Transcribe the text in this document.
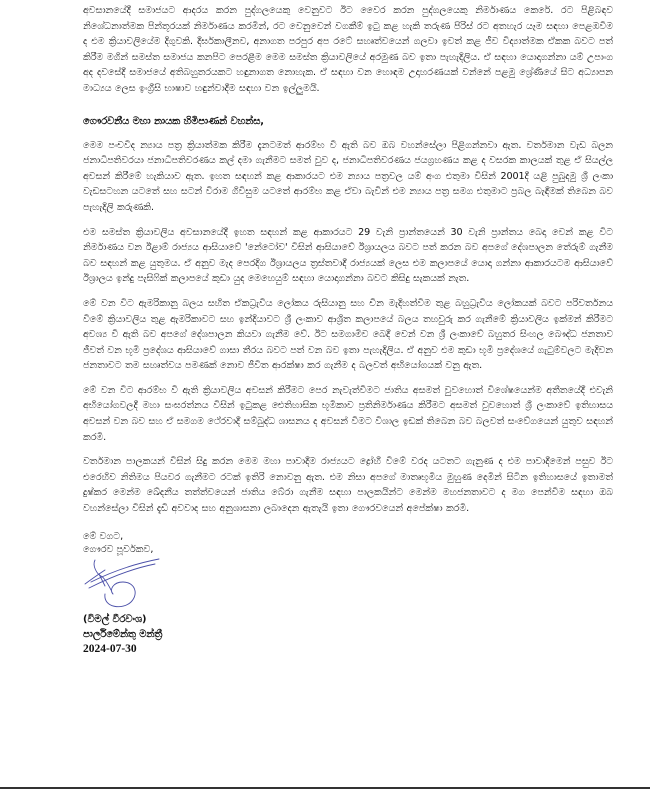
අවසානයේදී සමාජයට ආදරය කරන පුද්ගලයෙකු වෙනුවට ඊට වෛර කරන පුද්ගලයෙකු නිර්මාණය කෙරේ. රට පිළිබඳව නිශේධනාත්මක පින්තූරයක් නිර්මාණය කරමින්, රට වෙනුවෙන් වගකීම් ඉටු කළ හැකි තරුණ පිරිස් රට අතහැර යෑම සඳහා පෙළඹවීම ද එම ක්‍රියාවලියේම දිගුවකි. දීර්ඝකාලීනව, අනාගත පරපුර අප රටේ සහෘත්වයෙන් ගලවා ඉවත් කළ ජීව විද්‍යාත්මක ඒකක බවට පත් කිරීම මගින් සමස්ත සමාජය කනපිට පෙරළීම මෙම සමස්ත ක්‍රියාවලියේ අරමුණ බව ඉතා පැහැදිලිය. ඒ සඳහා යොදාගන්නා යම් උපාංග අද දවසේදී සමාජයේ අතිබහුතරයකට හඳුනාගත නොහැක. ඒ සඳහා වන හොඳම උදාහරණයක් වන්නේ පළමු ශ්‍රේණියේ සිට අධ්‍යාපන මාධ්‍යය ලෙස ඉංග්‍රීසි භාෂාව හඳුන්වාදීම සඳහා වන ඉල්ලුමයි.

ගෞරවනීය මහා නායක හිමිපාණන් වහන්ස,

මෙම පංචවිද න්‍යාය පත්‍ර ක්‍රියාත්මක කිරීම දැනටමත් ආරම්භ වී ඇති බව ඔබ වහන්සේලා පිළිගන්නවා ඇත. වර්තමාන වැඩ බලන ජනාධිපතිවරයා ජනාධිපතිවරණය කල් දමා ගැනීමට සමත් වුව ද, ජනාධිපතිවරණය ජයග්‍රහණය කළ ද වසරක කාලයක් තුළ ඒ සියල්ල අවසන් කිරීමේ හැකියාව ඇත. ඉහත සඳහන් කළ ආකාරයට එම න්‍යාය පත්‍රවල යම් අංග එතුමා විසින් 2001දී යළි පුබුදමු ශ්‍රී ලංකා වැඩසටහන යටතේ සහ සටන් විරාම ගිවිසුම යටතේ ආරම්භ කළ ඒවා බැවින් එම න්‍යාය පත්‍ර සමග එතුමාට ප්‍රබල බැඳීමක් තිබෙන බව පැහැදිලි කරුණකි.

එම සමස්ත ක්‍රියාවලිය අවසානයේදී ඉහත සඳහන් කළ ආකාරයට 29 වැනි ප්‍රාන්තයෙන් 30 වැනි ප්‍රාන්තය බෙදා වෙන් කළ විට නිර්මාණය වන ඊළාම් රාජ්‍යය ආසියාවේ 'නේටෝව' විසින් ආසියාවේ ඊශ්‍රායලය බවට පත් කරන බව අපගේ දේශපාලන තේරුම් ගැනීම බව සඳහන් කළ යුතුමය. ඒ අනුව මැද පෙරදිග ඊශ්‍රායලය ත්‍රස්තවාදී රාජ්‍යයක් ලෙස එම කලාපයේ යොදා ගන්නා ආකාරයටම ආසියාවේ ඊශ්‍රාලය ඉන්දු පැසිෆික් කලාපයේ කුඩා යුද මෙහෙයුම් සඳහා යොදාගන්නා බවට කිසිදු සැකයක් නැත.

මේ වන විට ඇමරිකානු බලය සහිත ඒකධ්‍රැවීය ලෝකය රුසියානු සහ චීන මැදිහත්වීම තුළ බහුධ්‍රැවීය ලෝකයක් බවට පරිවර්තනය වීමේ ක්‍රියාවලිය තුළ ඇමරිකාවට සහ ඉන්දියාවට ශ්‍රී ලංකාව ආශ්‍රිත කලාපයේ බලය තහවුරු කර ගැනීමේ ක්‍රියාවලිය ඉක්මන් කිරීමට අවශ්‍ය වී ඇති බව අපගේ දේශපාලන කියවා ගැනීම වේ. ඊට සමගාමීව බෙදී වෙන් වන ශ්‍රී ලංකාවේ බහුතර සිංහල බෞද්ධ ජනතාව ජීවත් වන භූමි ප්‍රදේශය ආසියාවේ ගාසා තීරය බවට පත් වන බව ඉතා පැහැදිලිය. ඒ අනුව එම කුඩා භූමි ප්‍රදේශයේ ගැටුම්වලට මැදිවන ජනතාවට තම සහෘත්වය පමණක් නොව ජීවිත ආරක්ෂා කර ගැනීම ද බලවත් අභියෝගයක් වනු ඇත.

මේ වන විට ආරම්භ වී ඇති ක්‍රියාවලිය අවසන් කිරීමට පෙර නැවැත්වීමට ජාතිය අසමත් වුවහොත් විශේෂයෙන්ම අතීතයේදී එවැනි අභියෝගවලදී මහා සංඝරත්නය විසින් ඉටුකළ ඓතිහාසික භූමිකාව ප්‍රතිනිර්මාණය කිරීමට අසමත් වුවහොත් ශ්‍රී ලංකාවේ ඉතිහාසය අවසන් වන බව සහ ඒ සමගම ථේරවාදී සම්බුද්ධ ශාසනය ද අවසන් වීමට විශාල ඉඩක් තිබෙන බව බලවත් සංවේගයෙන් යුතුව සඳහන් කරමි.

වර්තමාන පාලකයන් විසින් සිදු කරන මෙම මහා පාවාදීම රාජ්‍යයට ද්‍රෝහී වීමේ වරද යටතට ගැනුණ ද එම පාවාදීමෙන් පසුව ඊට එරෙහිව නිතිමය පියවර ගැනීමට රටක් ඉතිරි නොවනු ඇත. එම නිසා අපගේ මාතෘභූමිය මුහුණ දෙමින් සිටින ඉතිහාසයේ ඉතාමත් දුෂ්කර මෙන්ම ඛේදනීය තත්ත්වයෙන් ජාතිය බේරා ගැනීම සඳහා පාලකයින්ට මෙන්ම මහජනතාවට ද මග පෙන්වීම සඳහා ඔබ වහන්සේලා විසින් දැඩි අවවාද සහ අනුශාසනා ලබාදෙන ඇතැයි ඉතා ගෞරවයෙන් අපේක්ෂා කරමි.

මේ වගට,
ගෞරව පූර්වකව,
(විමල් වීරවංශ)
පාර්ලිමේන්තු මන්ත්‍රී
2024-07-30
